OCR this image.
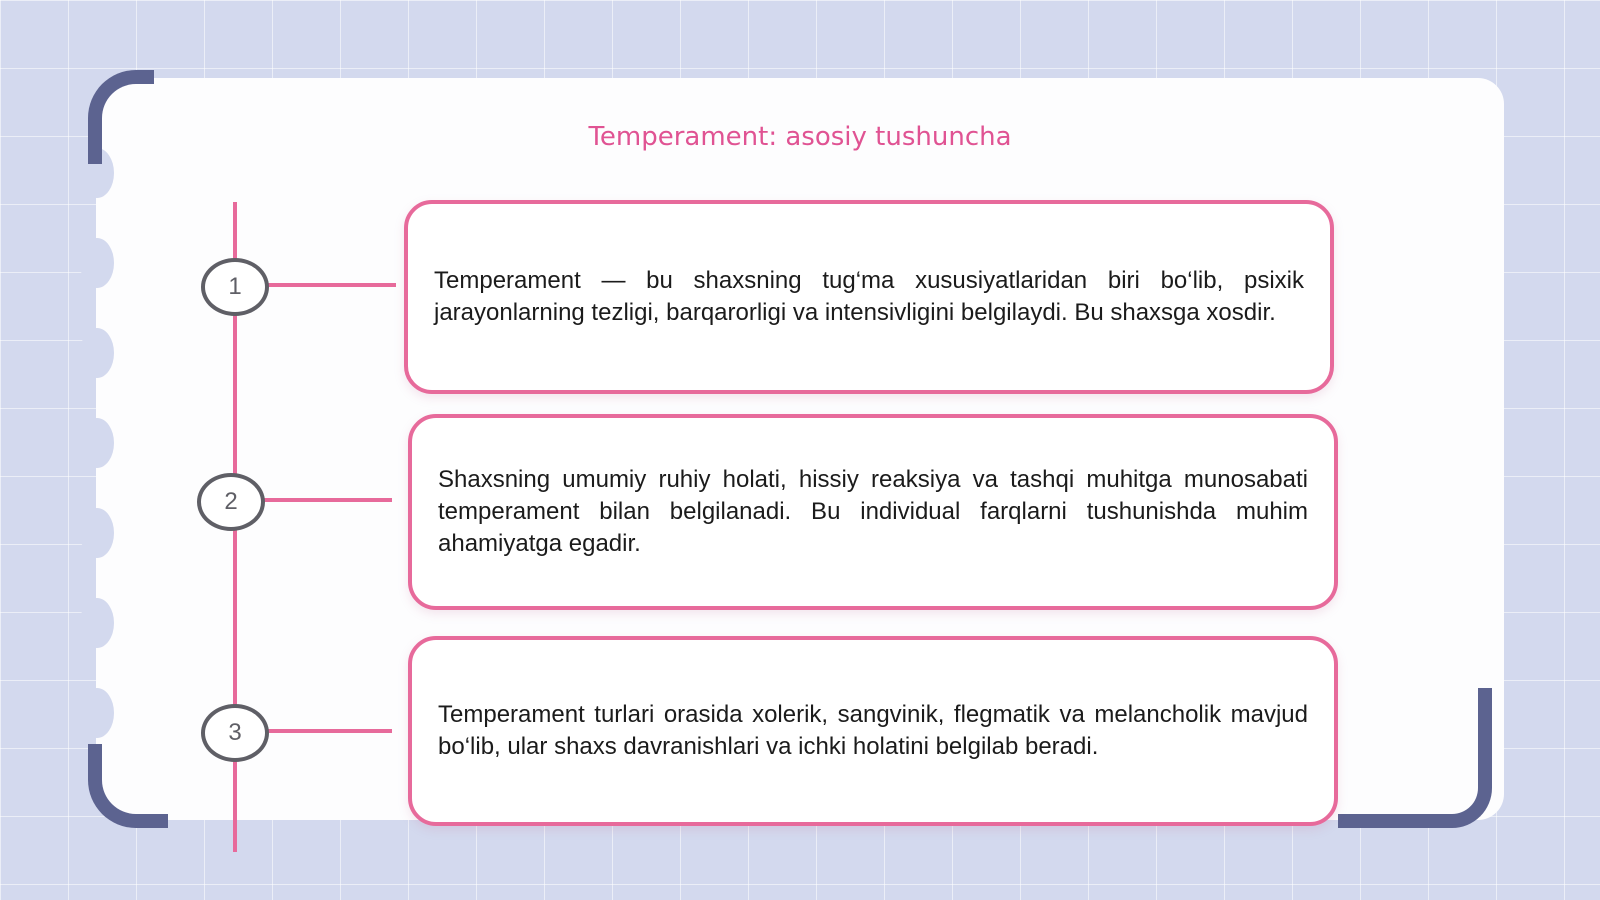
Temperament: asosiy tushuncha
1	Temperament — bu shaxsning tug‘ma xususiyatlaridan biri bo‘lib, psixik jarayonlarning tezligi, barqarorligi va intensivligini belgilaydi. Bu shaxsga xosdir.

2

Shaxsning umumiy ruhiy holati, hissiy reaksiya va tashqi muhitga munosabati temperament bilan belgilanadi. Bu individual farqlarni tushunishda muhim ahamiyatga egadir.

3

Temperament turlari orasida xolerik, sangvinik, flegmatik va melancholik mavjud bo‘lib, ular shaxs davranishlari va ichki holatini belgilab beradi.
